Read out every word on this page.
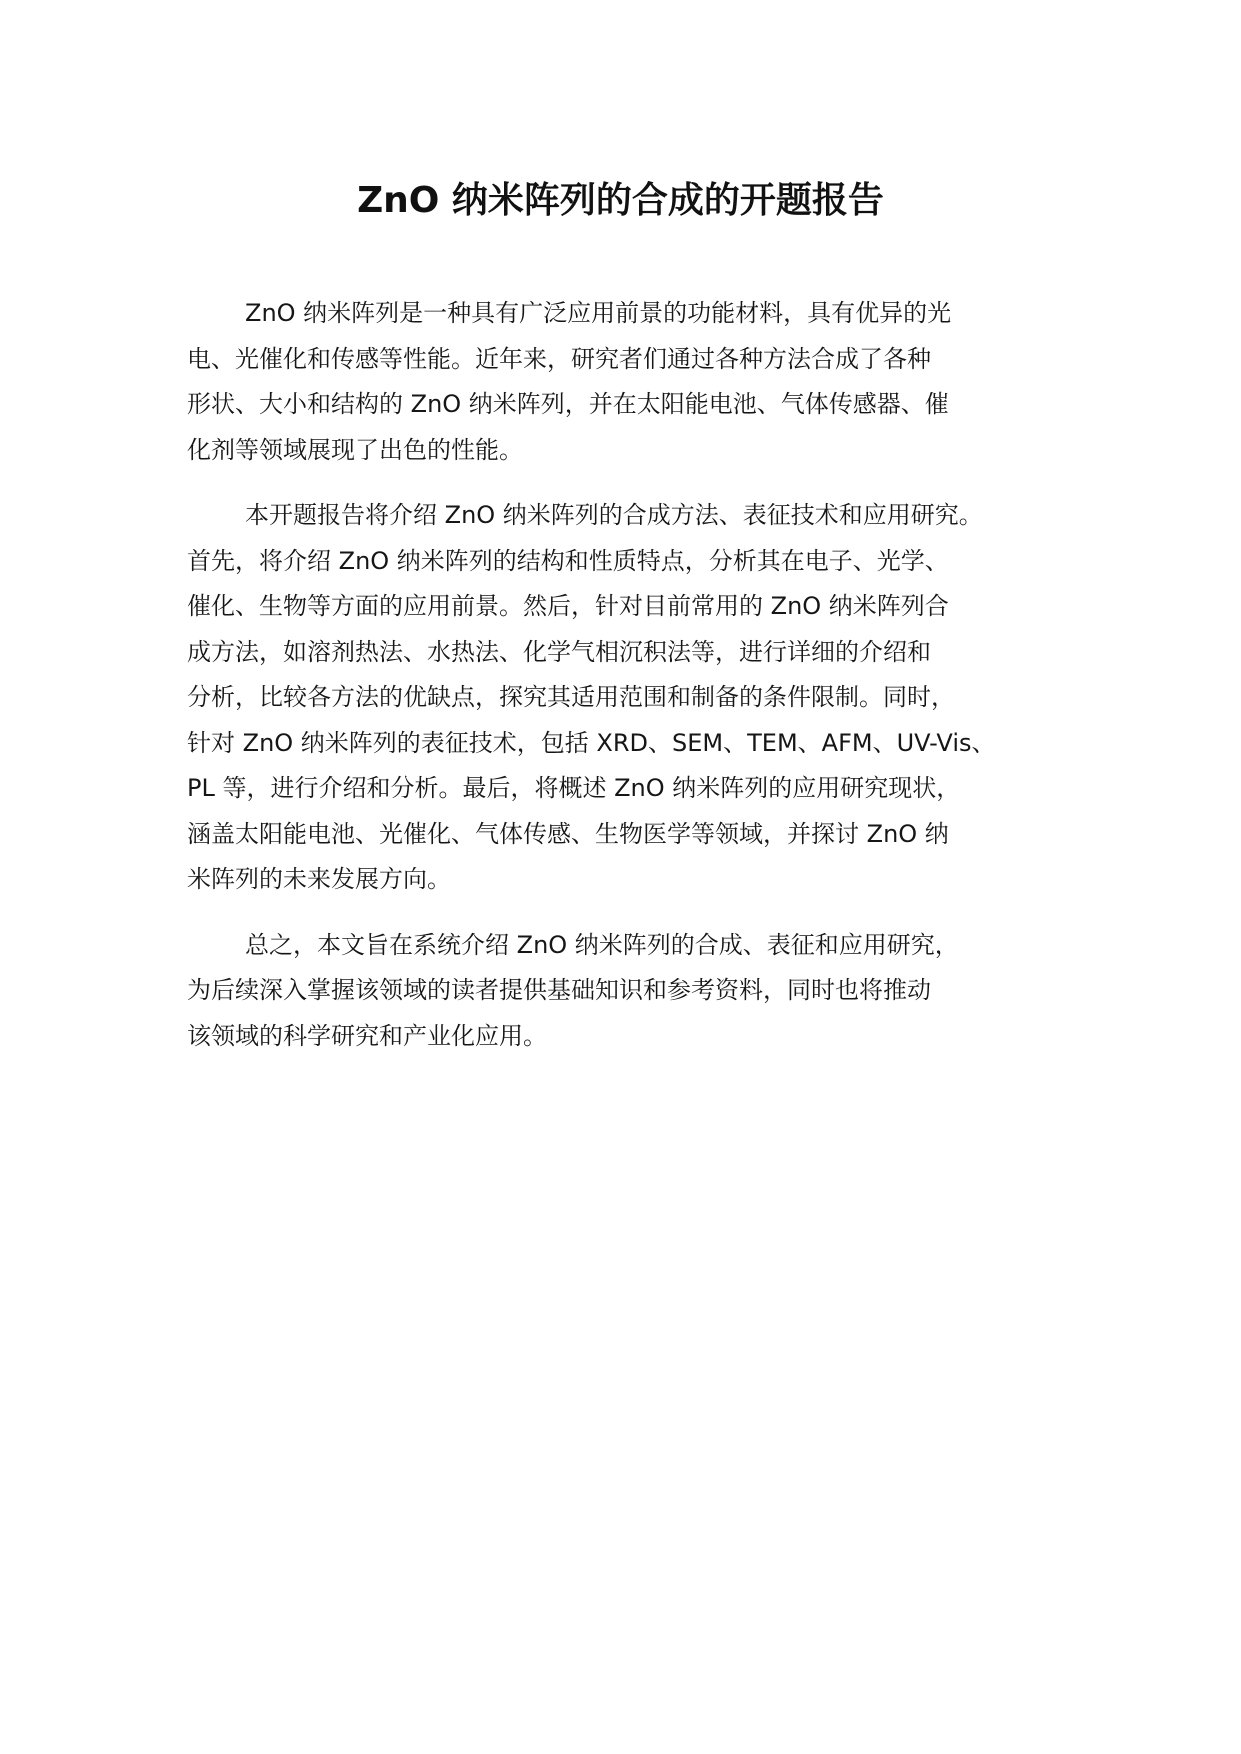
ZnO 纳米阵列的合成的开题报告

ZnO 纳米阵列是一种具有广泛应用前景的功能材料，具有优异的光
电、光催化和传感等性能。近年来，研究者们通过各种方法合成了各种
形状、大小和结构的 ZnO 纳米阵列，并在太阳能电池、气体传感器、催
化剂等领域展现了出色的性能。

本开题报告将介绍 ZnO 纳米阵列的合成方法、表征技术和应用研究。
首先，将介绍 ZnO 纳米阵列的结构和性质特点，分析其在电子、光学、
催化、生物等方面的应用前景。然后，针对目前常用的 ZnO 纳米阵列合
成方法，如溶剂热法、水热法、化学气相沉积法等，进行详细的介绍和
分析，比较各方法的优缺点，探究其适用范围和制备的条件限制。同时，
针对 ZnO 纳米阵列的表征技术，包括 XRD、SEM、TEM、AFM、UV-Vis、
PL 等，进行介绍和分析。最后，将概述 ZnO 纳米阵列的应用研究现状，
涵盖太阳能电池、光催化、气体传感、生物医学等领域，并探讨 ZnO 纳
米阵列的未来发展方向。

总之，本文旨在系统介绍 ZnO 纳米阵列的合成、表征和应用研究，
为后续深入掌握该领域的读者提供基础知识和参考资料，同时也将推动
该领域的科学研究和产业化应用。
